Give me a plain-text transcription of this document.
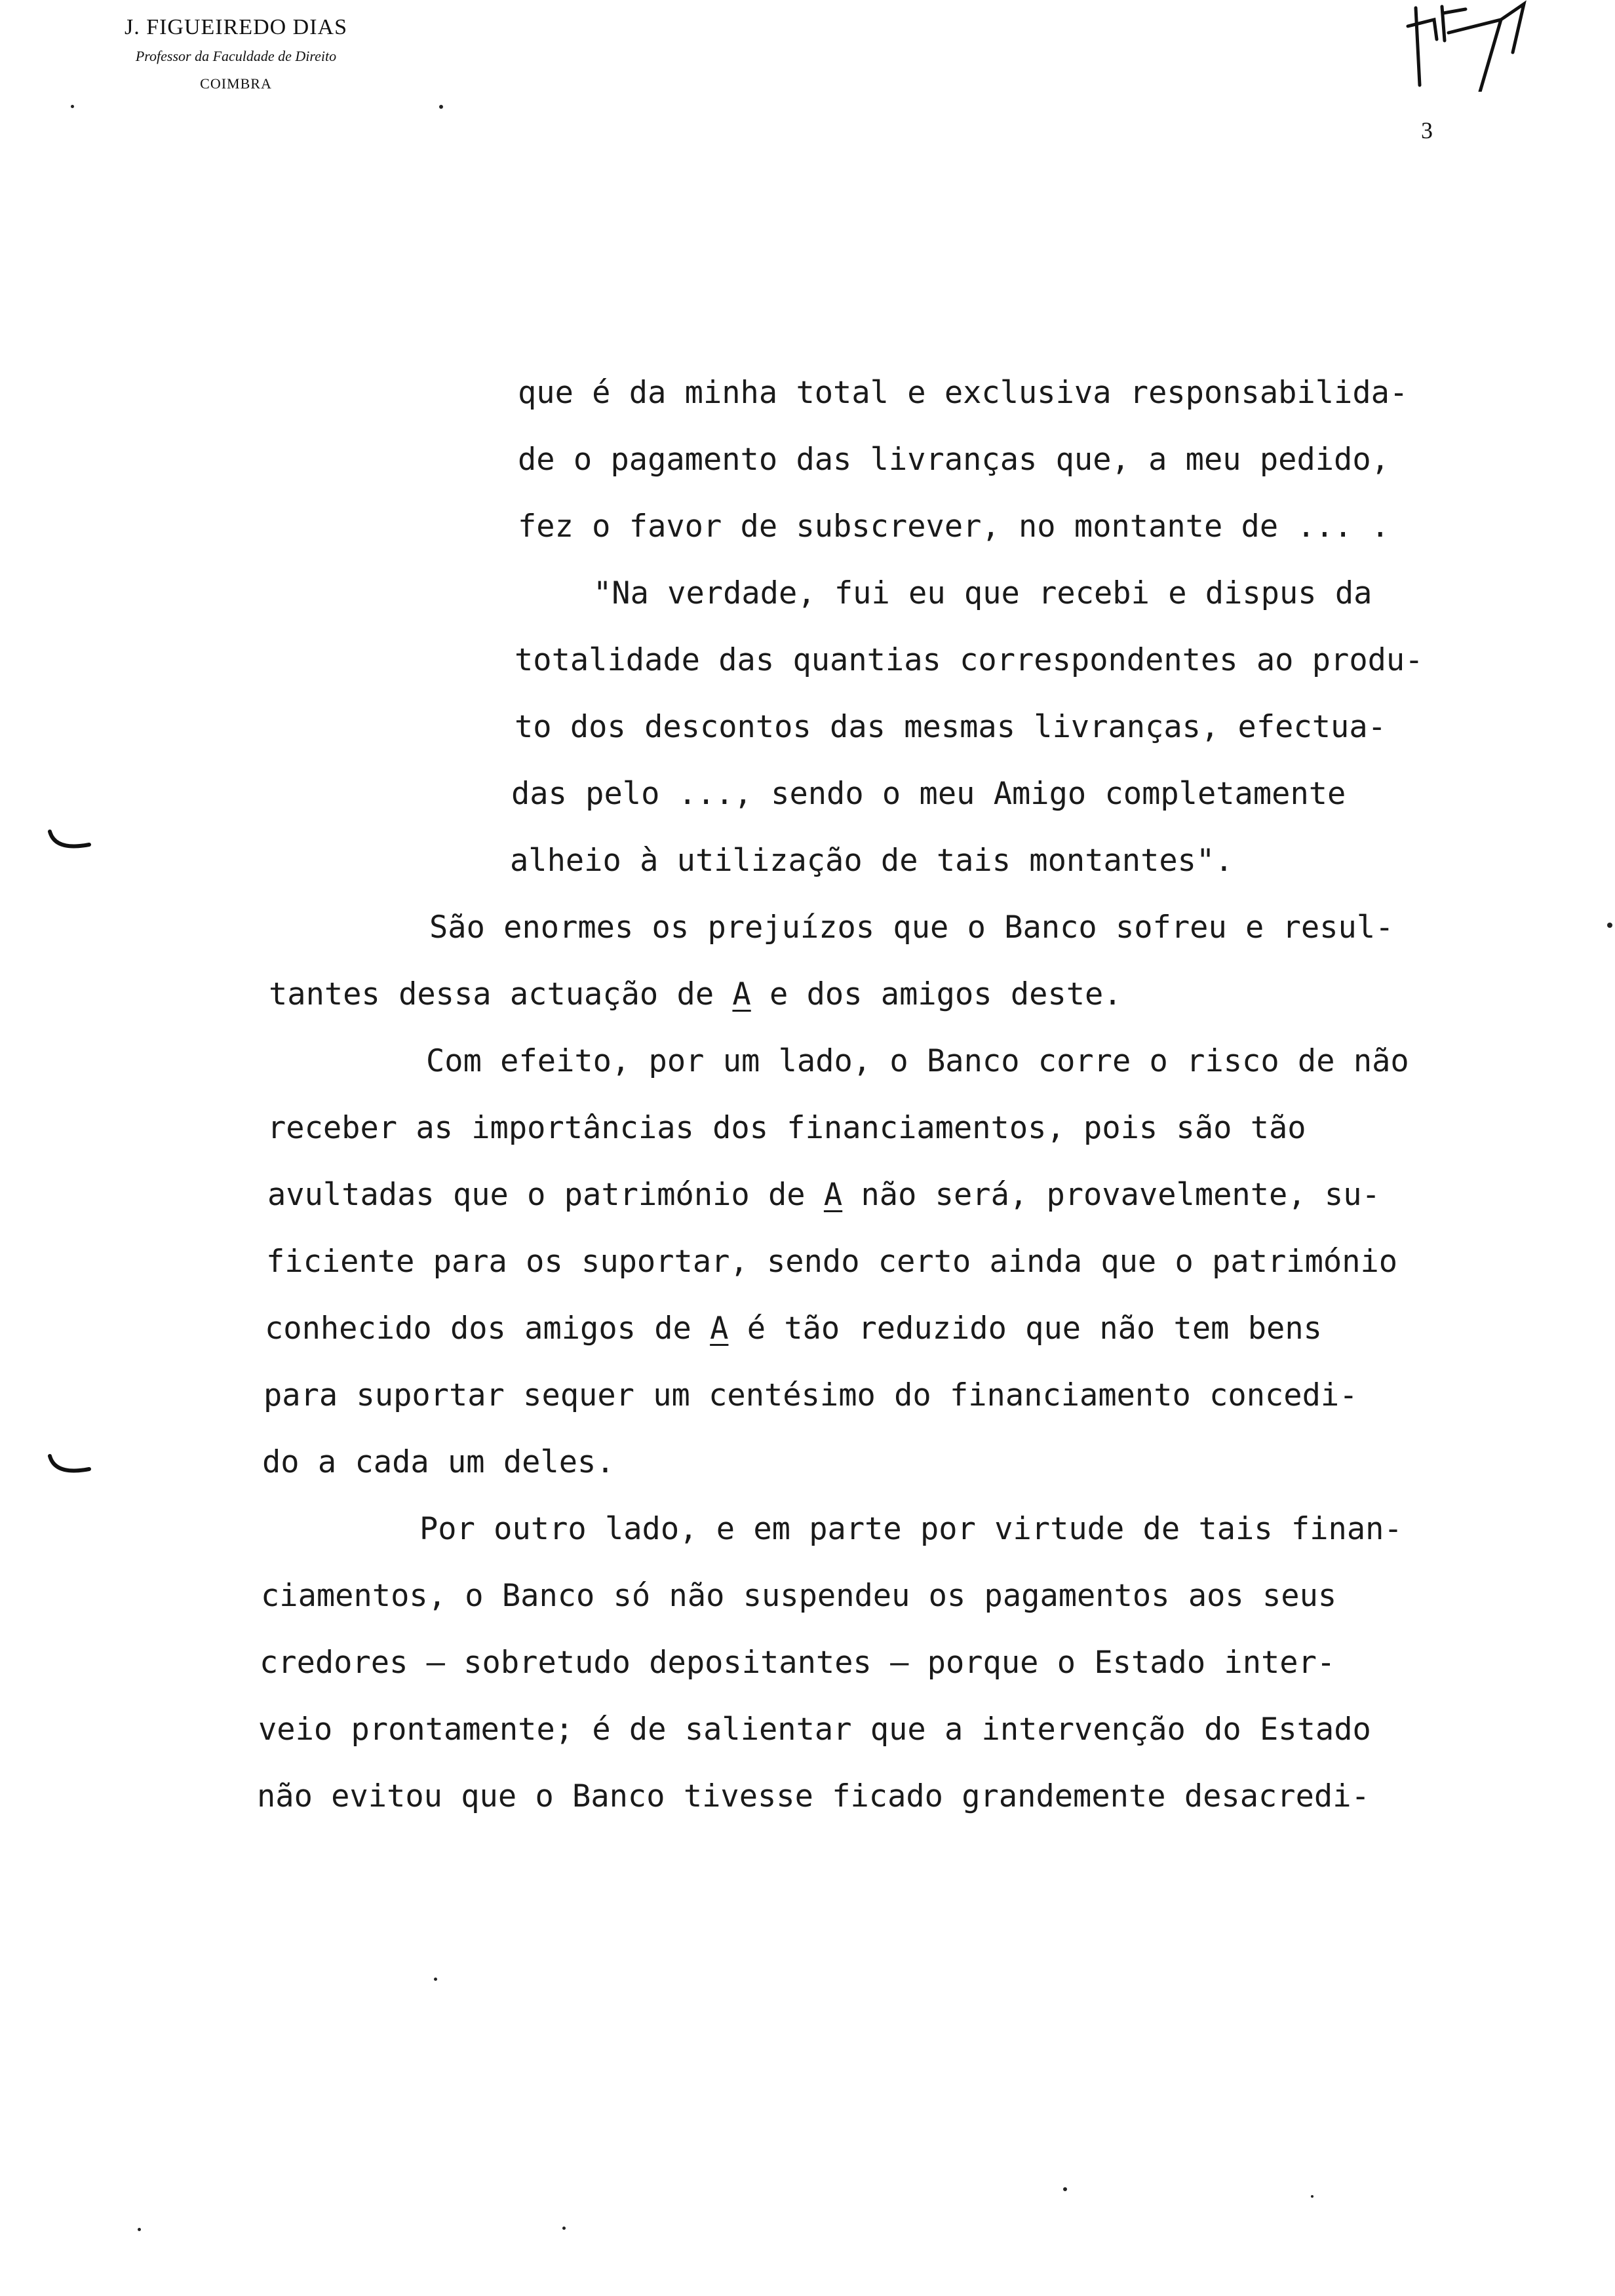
J. FIGUEIREDO DIAS
Professor da Faculdade de Direito
COIMBRA
3
que é da minha total e exclusiva responsabilida-
de o pagamento das livranças que, a meu pedido,
fez o favor de subscrever, no montante de ... .
"Na verdade, fui eu que recebi e dispus da
totalidade das quantias correspondentes ao produ-
to dos descontos das mesmas livranças, efectua-
das pelo ..., sendo o meu Amigo completamente
alheio à utilização de tais montantes".
São enormes os prejuízos que o Banco sofreu e resul-
tantes dessa actuação de A e dos amigos deste.
Com efeito, por um lado, o Banco corre o risco de não
receber as importâncias dos financiamentos, pois são tão
avultadas que o património de A não será, provavelmente, su-
ficiente para os suportar, sendo certo ainda que o património
conhecido dos amigos de A é tão reduzido que não tem bens
para suportar sequer um centésimo do financiamento concedi-
do a cada um deles.
Por outro lado, e em parte por virtude de tais finan-
ciamentos, o Banco só não suspendeu os pagamentos aos seus
credores — sobretudo depositantes — porque o Estado inter-
veio prontamente; é de salientar que a intervenção do Estado
não evitou que o Banco tivesse ficado grandemente desacredi-
